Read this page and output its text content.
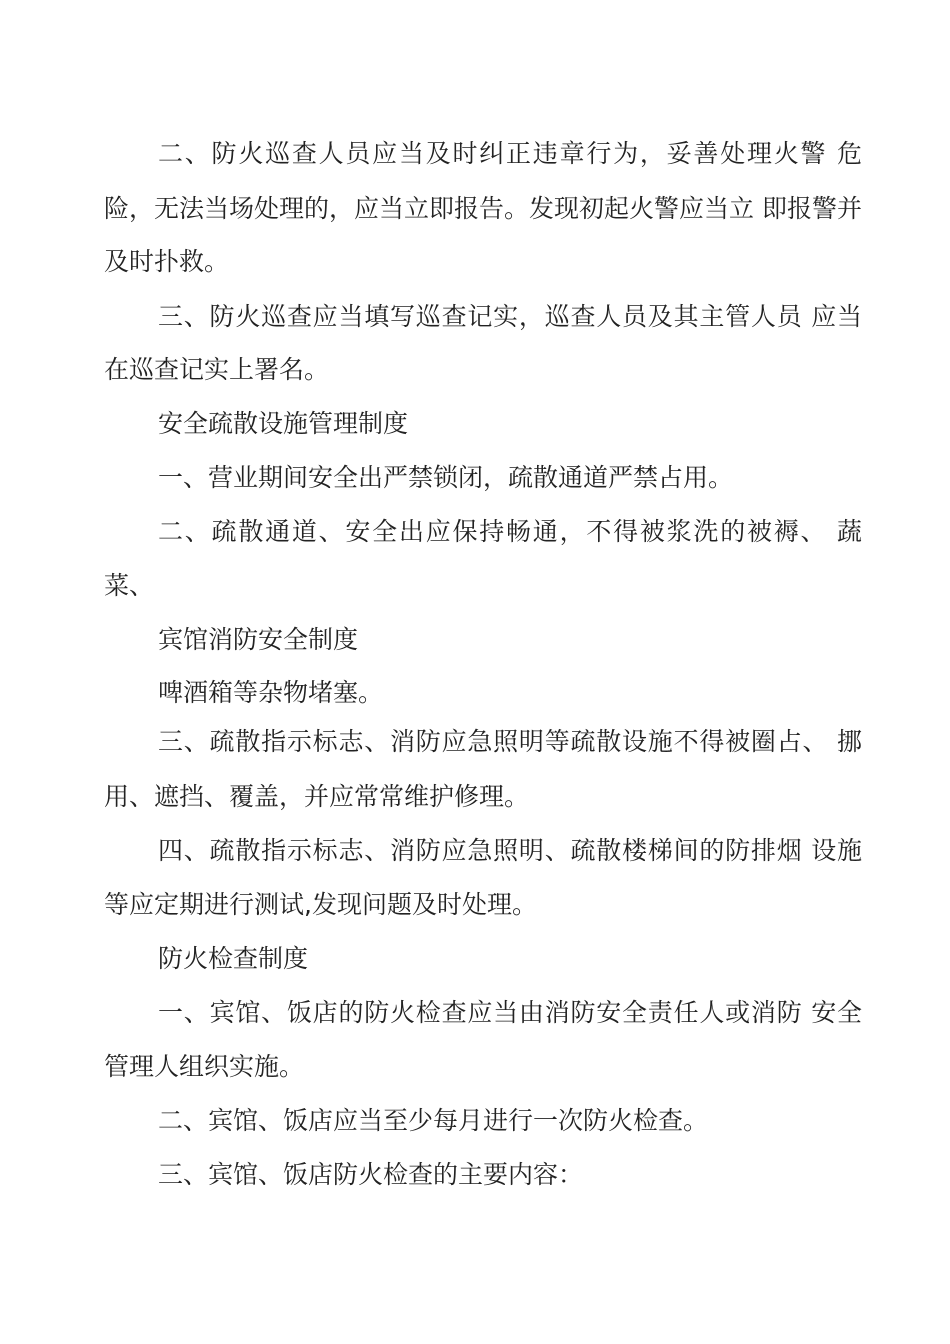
二、防火巡查人员应当及时纠正违章行为，妥善处理火警 危
险，无法当场处理的，应当立即报告。发现初起火警应当立 即报警并
及时扑救。
三、防火巡查应当填写巡查记实，巡查人员及其主管人员 应当
在巡查记实上署名。
安全疏散设施管理制度
一、营业期间安全出严禁锁闭，疏散通道严禁占用。
二、疏散通道、安全出应保持畅通，不得被浆洗的被褥、 蔬
菜、
宾馆消防安全制度
啤酒箱等杂物堵塞。
三、疏散指示标志、消防应急照明等疏散设施不得被圈占、 挪
用、遮挡、覆盖，并应常常维护修理。
四、疏散指示标志、消防应急照明、疏散楼梯间的防排烟 设施
等应定期进行测试,发现问题及时处理。
防火检查制度
一、宾馆、饭店的防火检查应当由消防安全责任人或消防 安全
管理人组织实施。
二、宾馆、饭店应当至少每月进行一次防火检查。
三、宾馆、饭店防火检查的主要内容：
